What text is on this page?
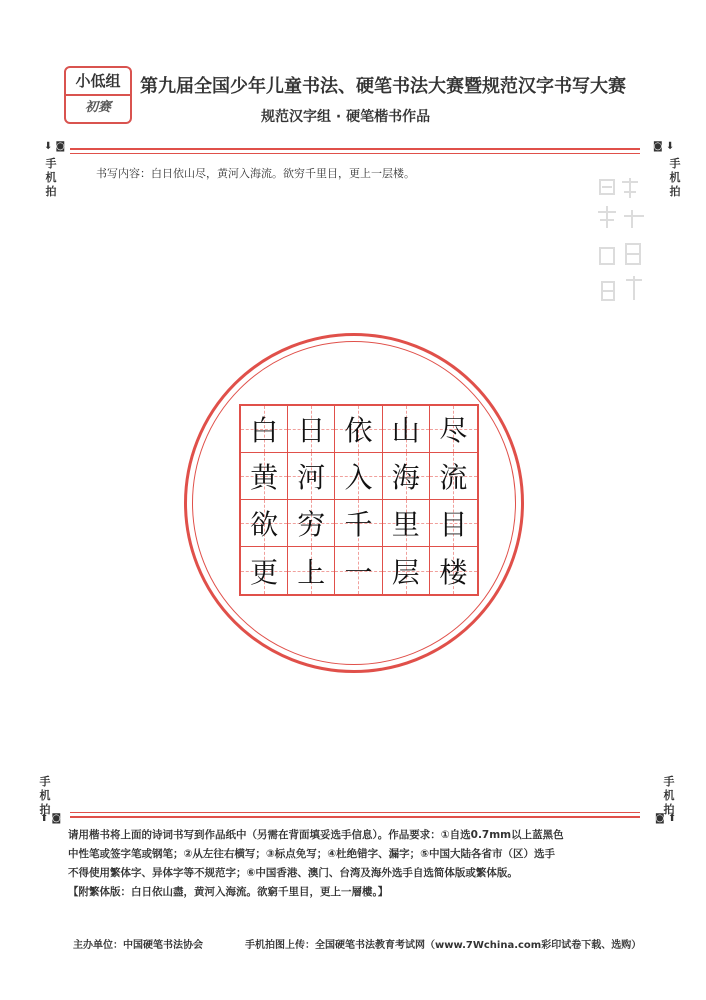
小低组
初赛
第九届全国少年儿童书法、硬笔书法大赛暨规范汉字书写大赛
规范汉字组 · 硬笔楷书作品
⬇ ◙
手机拍
◙ ⬇
手机拍
书写内容：白日依山尽，黄河入海流。欲穷千里目，更上一层楼。
白 日 依 山 尽
黄 河 入 海 流
欲 穷 千 里 目
更 上 一 层 楼
手机拍
⬆ ◙
手机拍
◙ ⬆

请用楷书将上面的诗词书写到作品纸中（另需在背面填妥选手信息）。作品要求：①自选0.7mm以上蓝黑色

中性笔或签字笔或钢笔；②从左往右横写；③标点免写；④杜绝错字、漏字；⑤中国大陆各省市（区）选手

不得使用繁体字、异体字等不规范字；⑥中国香港、澳门、台湾及海外选手自选简体版或繁体版。

【附繁体版：白日依山盡，黄河入海流。欲窮千里目，更上一層樓。】

主办单位：中国硬笔书法协会	手机拍图上传：全国硬笔书法教育考试网（www.7Wchina.com彩印试卷下载、选购）
